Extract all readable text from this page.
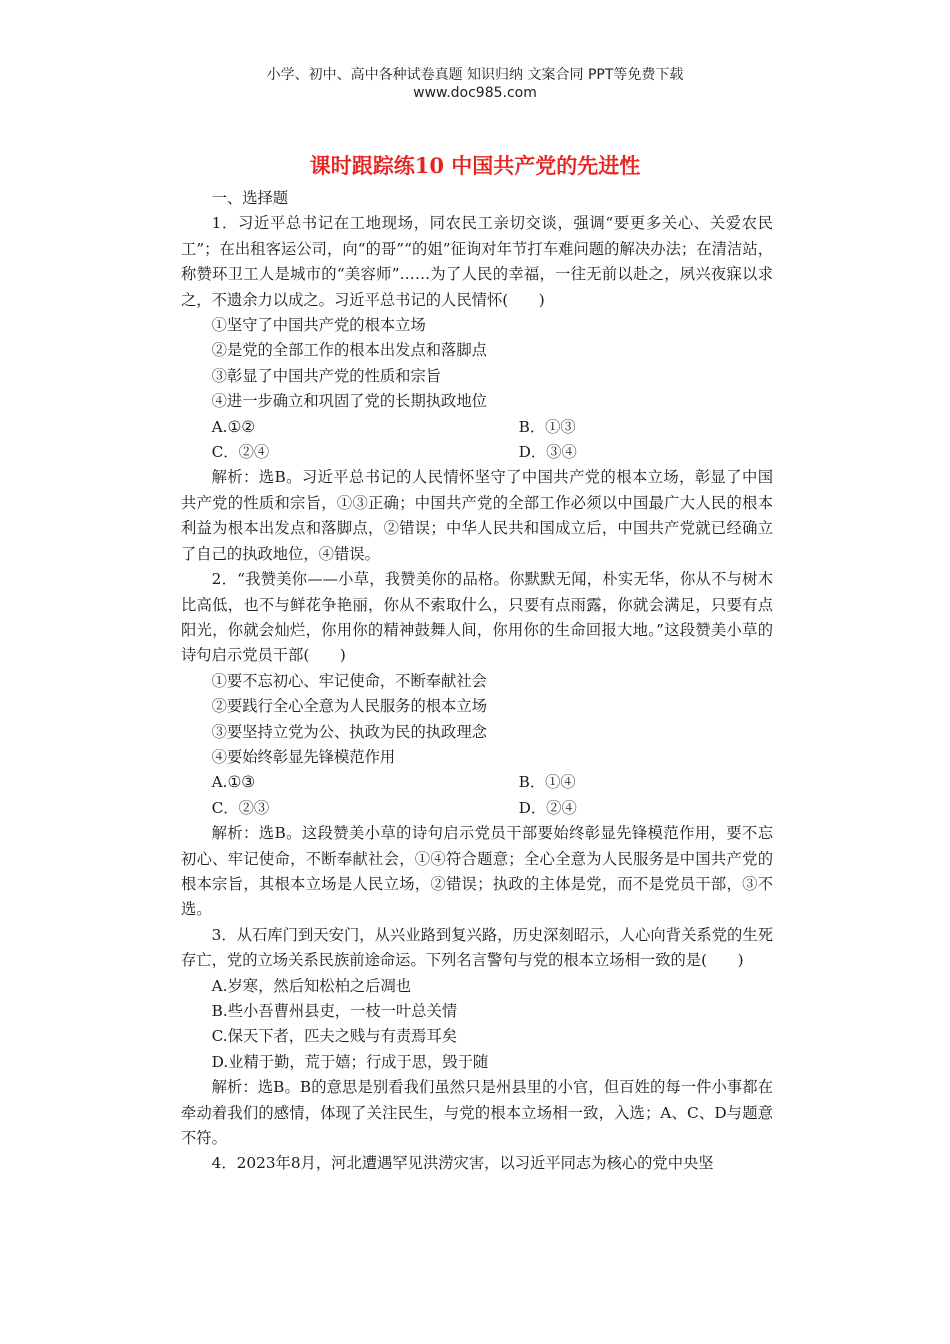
小学、初中、高中各种试卷真题 知识归纳 文案合同 PPT等免费下载
www.doc985.com
课时跟踪练10 中国共产党的先进性

一、选择题

1．习近平总书记在工地现场，同农民工亲切交谈，强调“要更多关心、关爱农民工”；在出租客运公司，向“的哥”“的姐”征询对年节打车难问题的解决办法；在清洁站，称赞环卫工人是城市的“美容师”……为了人民的幸福，一往无前以赴之，夙兴夜寐以求之，不遗余力以成之。习近平总书记的人民情怀(　　)

①坚守了中国共产党的根本立场

②是党的全部工作的根本出发点和落脚点

③彰显了中国共产党的性质和宗旨

④进一步确立和巩固了党的长期执政地位

A.①②	B．①③
C．②④	D．③④

解析：选B。习近平总书记的人民情怀坚守了中国共产党的根本立场，彰显了中国共产党的性质和宗旨，①③正确；中国共产党的全部工作必须以中国最广大人民的根本利益为根本出发点和落脚点，②错误；中华人民共和国成立后，中国共产党就已经确立了自己的执政地位，④错误。

2．“我赞美你——小草，我赞美你的品格。你默默无闻，朴实无华，你从不与树木比高低，也不与鲜花争艳丽，你从不索取什么，只要有点雨露，你就会满足，只要有点阳光，你就会灿烂，你用你的精神鼓舞人间，你用你的生命回报大地。”这段赞美小草的诗句启示党员干部(　　)

①要不忘初心、牢记使命，不断奉献社会

②要践行全心全意为人民服务的根本立场

③要坚持立党为公、执政为民的执政理念

④要始终彰显先锋模范作用

A.①③	B．①④
C．②③	D．②④

解析：选B。这段赞美小草的诗句启示党员干部要始终彰显先锋模范作用，要不忘初心、牢记使命，不断奉献社会，①④符合题意；全心全意为人民服务是中国共产党的根本宗旨，其根本立场是人民立场，②错误；执政的主体是党，而不是党员干部，③不选。

3．从石库门到天安门，从兴业路到复兴路，历史深刻昭示，人心向背关系党的生死存亡，党的立场关系民族前途命运。下列名言警句与党的根本立场相一致的是(　　)

A.岁寒，然后知松柏之后凋也

B.些小吾曹州县吏，一枝一叶总关情

C.保天下者，匹夫之贱与有责焉耳矣

D.业精于勤，荒于嬉；行成于思，毁于随

解析：选B。B的意思是别看我们虽然只是州县里的小官，但百姓的每一件小事都在牵动着我们的感情，体现了关注民生，与党的根本立场相一致，入选；A、C、D与题意不符。

4．2023年8月，河北遭遇罕见洪涝灾害，以习近平同志为核心的党中央坚
